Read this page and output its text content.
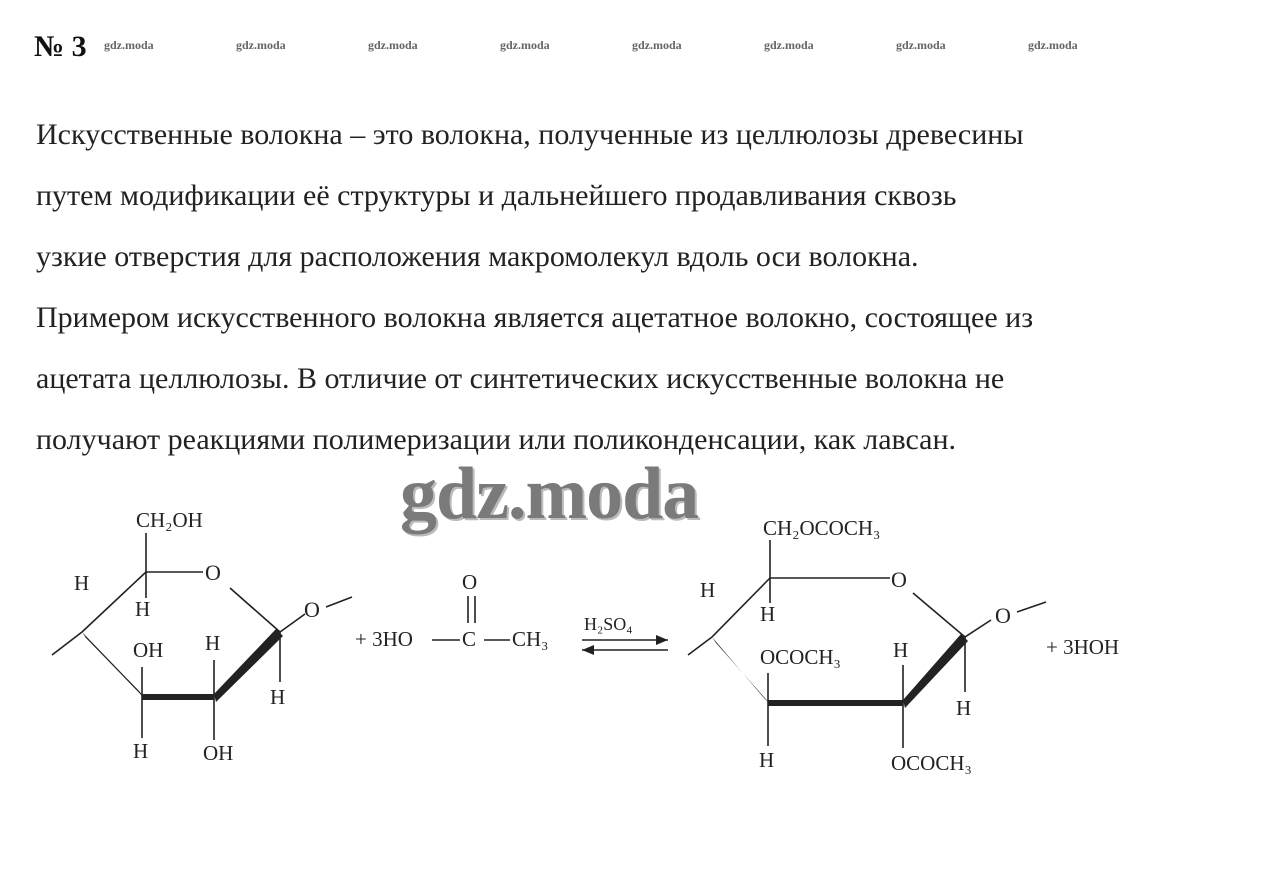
№ 3 gdz.moda	gdz.moda	gdz.moda	gdz.moda	gdz.moda	gdz.moda	gdz.moda	gdz.moda
Искусственные волокна – это волокна, полученные из целлюлозы древесины
путем модификации её структуры и дальнейшего продавливания сквозь
узкие отверстия для расположения макромолекул вдоль оси волокна.
Примером искусственного волокна является ацетатное волокно, состоящее из
ацетата целлюлозы. В отличие от синтетических искусственные волокна не
получают реакциями полимеризации или поликонденсации, как лавсан.
CH₂OH
O
O
H
H
OH H
H
H	OH
+ 3HO C CH₃
O
H₂SO₄
CH₂OCOCH₃
O
O
H
H
OCOCH₃ H
H
H	OCOCH₃
+ 3HOH
gdz.moda
